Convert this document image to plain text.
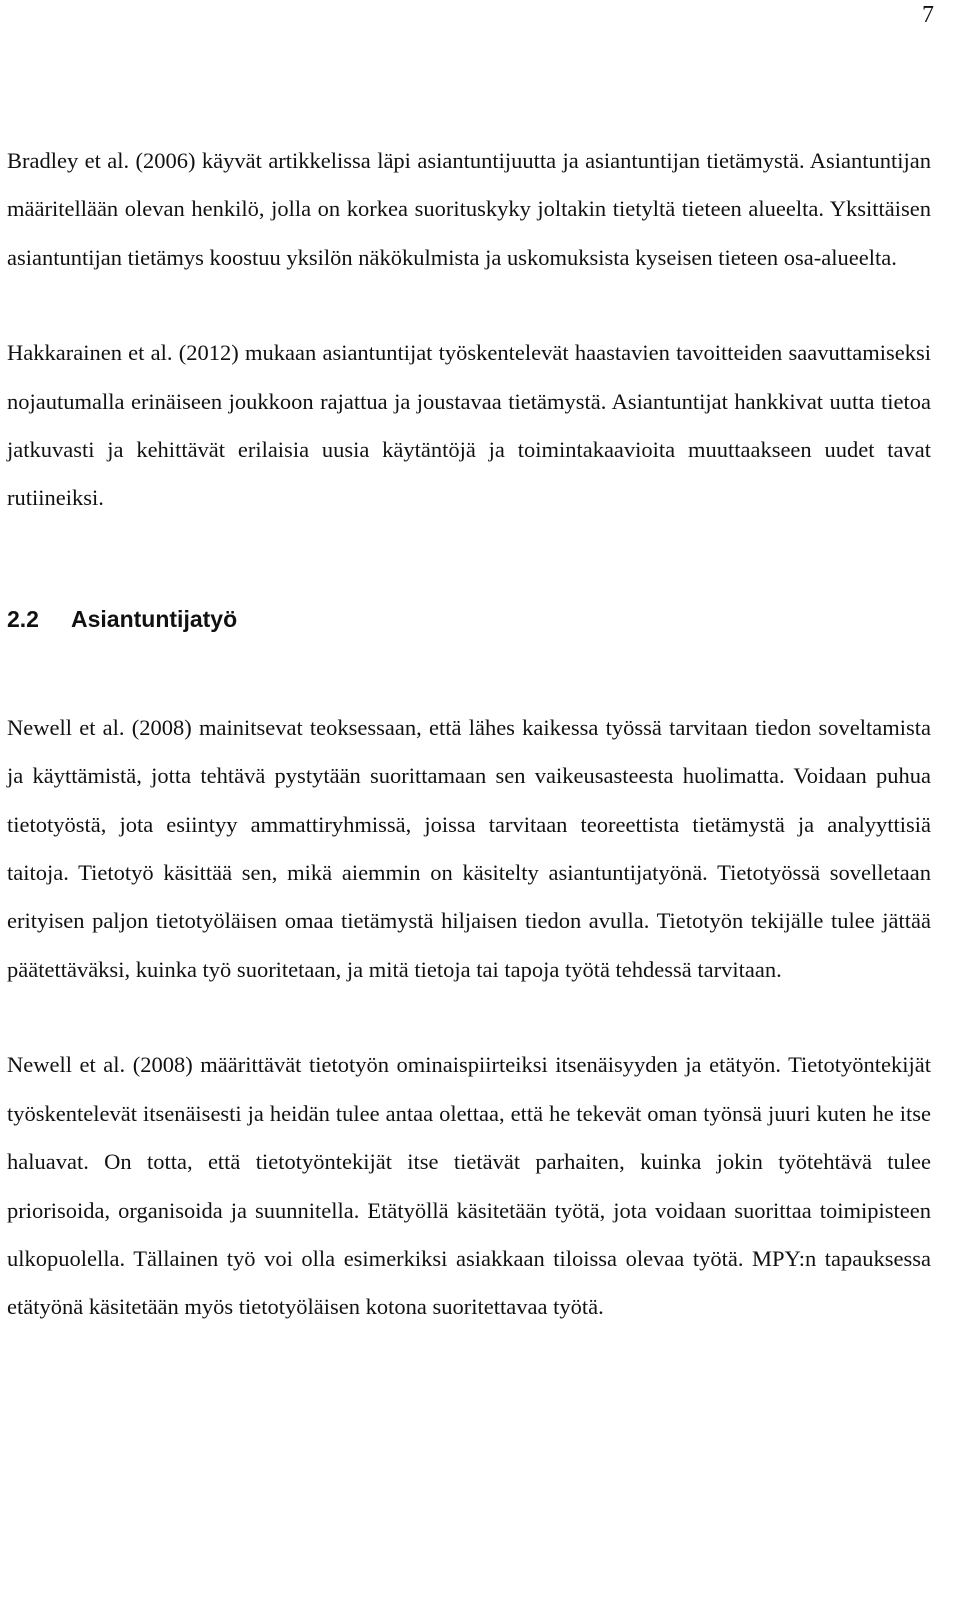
7

Bradley et al. (2006) käyvät artikkelissa läpi asiantuntijuutta ja asiantuntijan tietämystä. Asiantuntijan määritellään olevan henkilö, jolla on korkea suorituskyky joltakin tietyltä tieteen alueelta. Yksittäisen asiantuntijan tietämys koostuu yksilön näkökulmista ja uskomuksista kyseisen tieteen osa-alueelta.

Hakkarainen et al. (2012) mukaan asiantuntijat työskentelevät haastavien tavoitteiden saavuttamiseksi nojautumalla erinäiseen joukkoon rajattua ja joustavaa tietämystä. Asiantuntijat hankkivat uutta tietoa jatkuvasti ja kehittävät erilaisia uusia käytäntöjä ja toimintakaavioita muuttaakseen uudet tavat rutiineiksi.

2.2 Asiantuntijatyö

Newell et al. (2008) mainitsevat teoksessaan, että lähes kaikessa työssä tarvitaan tiedon soveltamista ja käyttämistä, jotta tehtävä pystytään suorittamaan sen vaikeusasteesta huolimatta. Voidaan puhua tietotyöstä, jota esiintyy ammattiryhmissä, joissa tarvitaan teoreettista tietämystä ja analyyttisiä taitoja. Tietotyö käsittää sen, mikä aiemmin on käsitelty asiantuntijatyönä. Tietotyössä sovelletaan erityisen paljon tietotyöläisen omaa tietämystä hiljaisen tiedon avulla. Tietotyön tekijälle tulee jättää päätettäväksi, kuinka työ suoritetaan, ja mitä tietoja tai tapoja työtä tehdessä tarvitaan.

Newell et al. (2008) määrittävät tietotyön ominaispiirteiksi itsenäisyyden ja etätyön. Tietotyöntekijät työskentelevät itsenäisesti ja heidän tulee antaa olettaa, että he tekevät oman työnsä juuri kuten he itse haluavat. On totta, että tietotyöntekijät itse tietävät parhaiten, kuinka jokin työtehtävä tulee priorisoida, organisoida ja suunnitella. Etätyöllä käsitetään työtä, jota voidaan suorittaa toimipisteen ulkopuolella. Tällainen työ voi olla esimerkiksi asiakkaan tiloissa olevaa työtä. MPY:n tapauksessa etätyönä käsitetään myös tietotyöläisen kotona suoritettavaa työtä.
